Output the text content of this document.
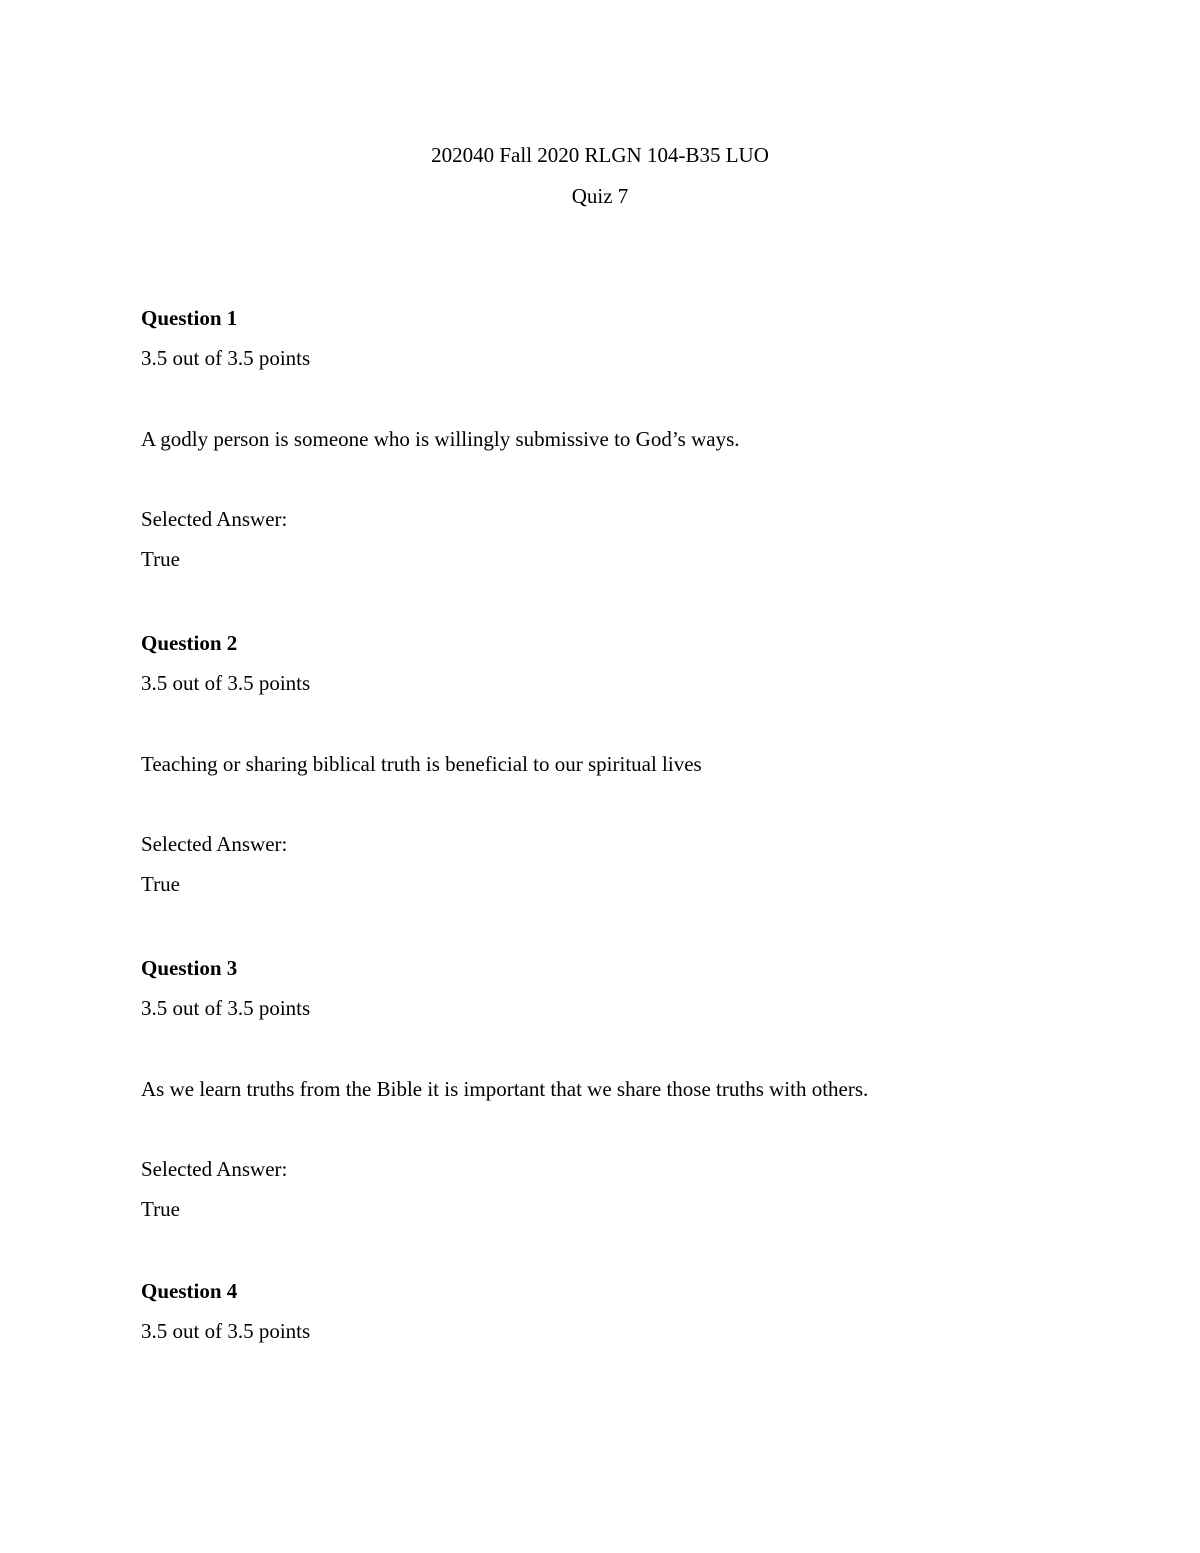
202040 Fall 2020 RLGN 104-B35 LUO
Quiz 7
Question 1
3.5 out of 3.5 points
A godly person is someone who is willingly submissive to God’s ways.
Selected Answer:
True
Question 2
3.5 out of 3.5 points
Teaching or sharing biblical truth is beneficial to our spiritual lives
Selected Answer:
True
Question 3
3.5 out of 3.5 points
As we learn truths from the Bible it is important that we share those truths with others.
Selected Answer:
True
Question 4
3.5 out of 3.5 points
